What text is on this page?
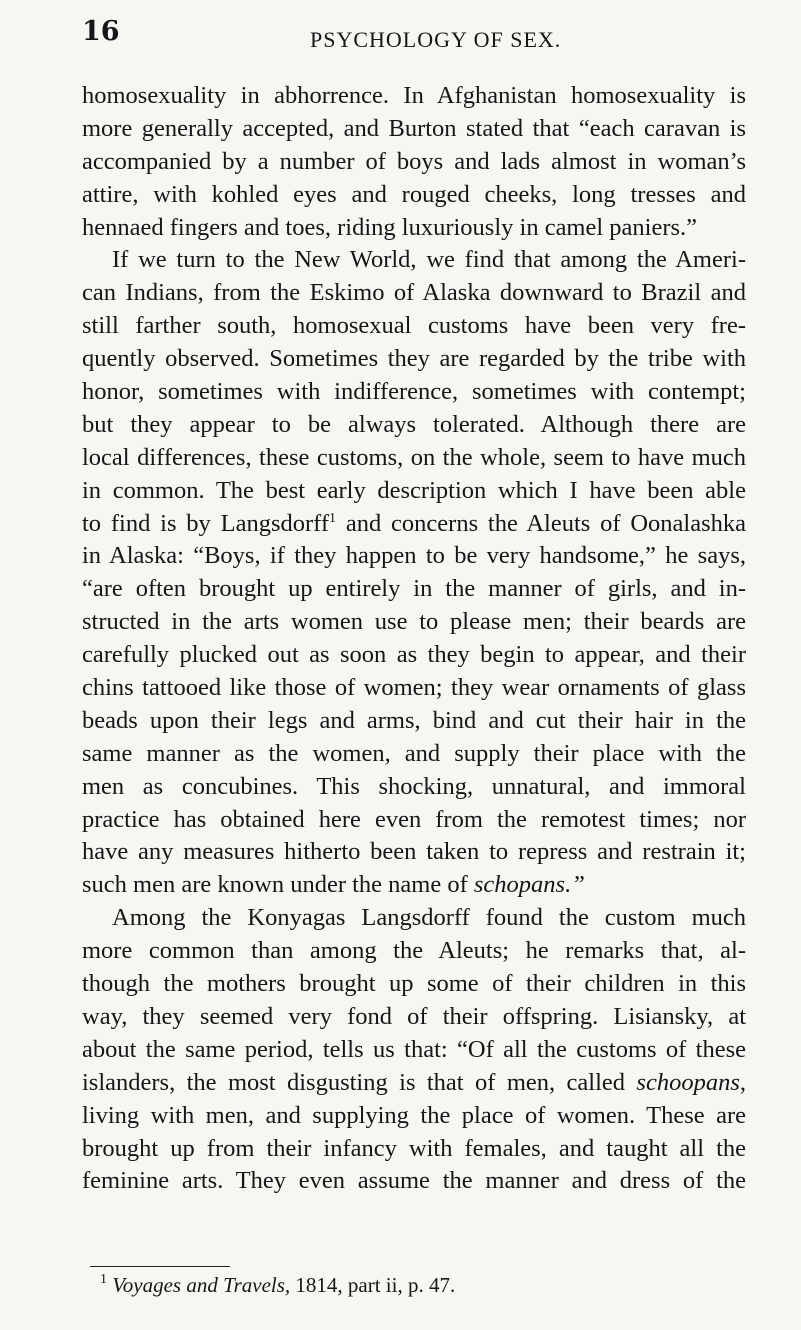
16	PSYCHOLOGY OF SEX.
homosexuality in abhorrence. In Afghanistan homosexuality is
more generally accepted, and Burton stated that “each caravan is
accompanied by a number of boys and lads almost in woman’s
attire, with kohled eyes and rouged cheeks, long tresses and
hennaed fingers and toes, riding luxuriously in camel paniers.”
If we turn to the New World, we find that among the Ameri-
can Indians, from the Eskimo of Alaska downward to Brazil and
still farther south, homosexual customs have been very fre-
quently observed. Sometimes they are regarded by the tribe with
honor, sometimes with indifference, sometimes with contempt;
but they appear to be always tolerated. Although there are
local differences, these customs, on the whole, seem to have much
in common. The best early description which I have been able
to find is by Langsdorff$^1$ and concerns the Aleuts of Oonalashka
in Alaska: “Boys, if they happen to be very handsome,” he says,
“are often brought up entirely in the manner of girls, and in-
structed in the arts women use to please men; their beards are
carefully plucked out as soon as they begin to appear, and their
chins tattooed like those of women; they wear ornaments of glass
beads upon their legs and arms, bind and cut their hair in the
same manner as the women, and supply their place with the
men as concubines. This shocking, unnatural, and immoral
practice has obtained here even from the remotest times; nor
have any measures hitherto been taken to repress and restrain it;
such men are known under the name of schopans.”
Among the Konyagas Langsdorff found the custom much
more common than among the Aleuts; he remarks that, al-
though the mothers brought up some of their children in this
way, they seemed very fond of their offspring. Lisiansky, at
about the same period, tells us that: “Of all the customs of these
islanders, the most disgusting is that of men, called schoopans,
living with men, and supplying the place of women. These are
brought up from their infancy with females, and taught all the
feminine arts. They even assume the manner and dress of the
$^1$ Voyages and Travels, 1814, part ii, p. 47.
